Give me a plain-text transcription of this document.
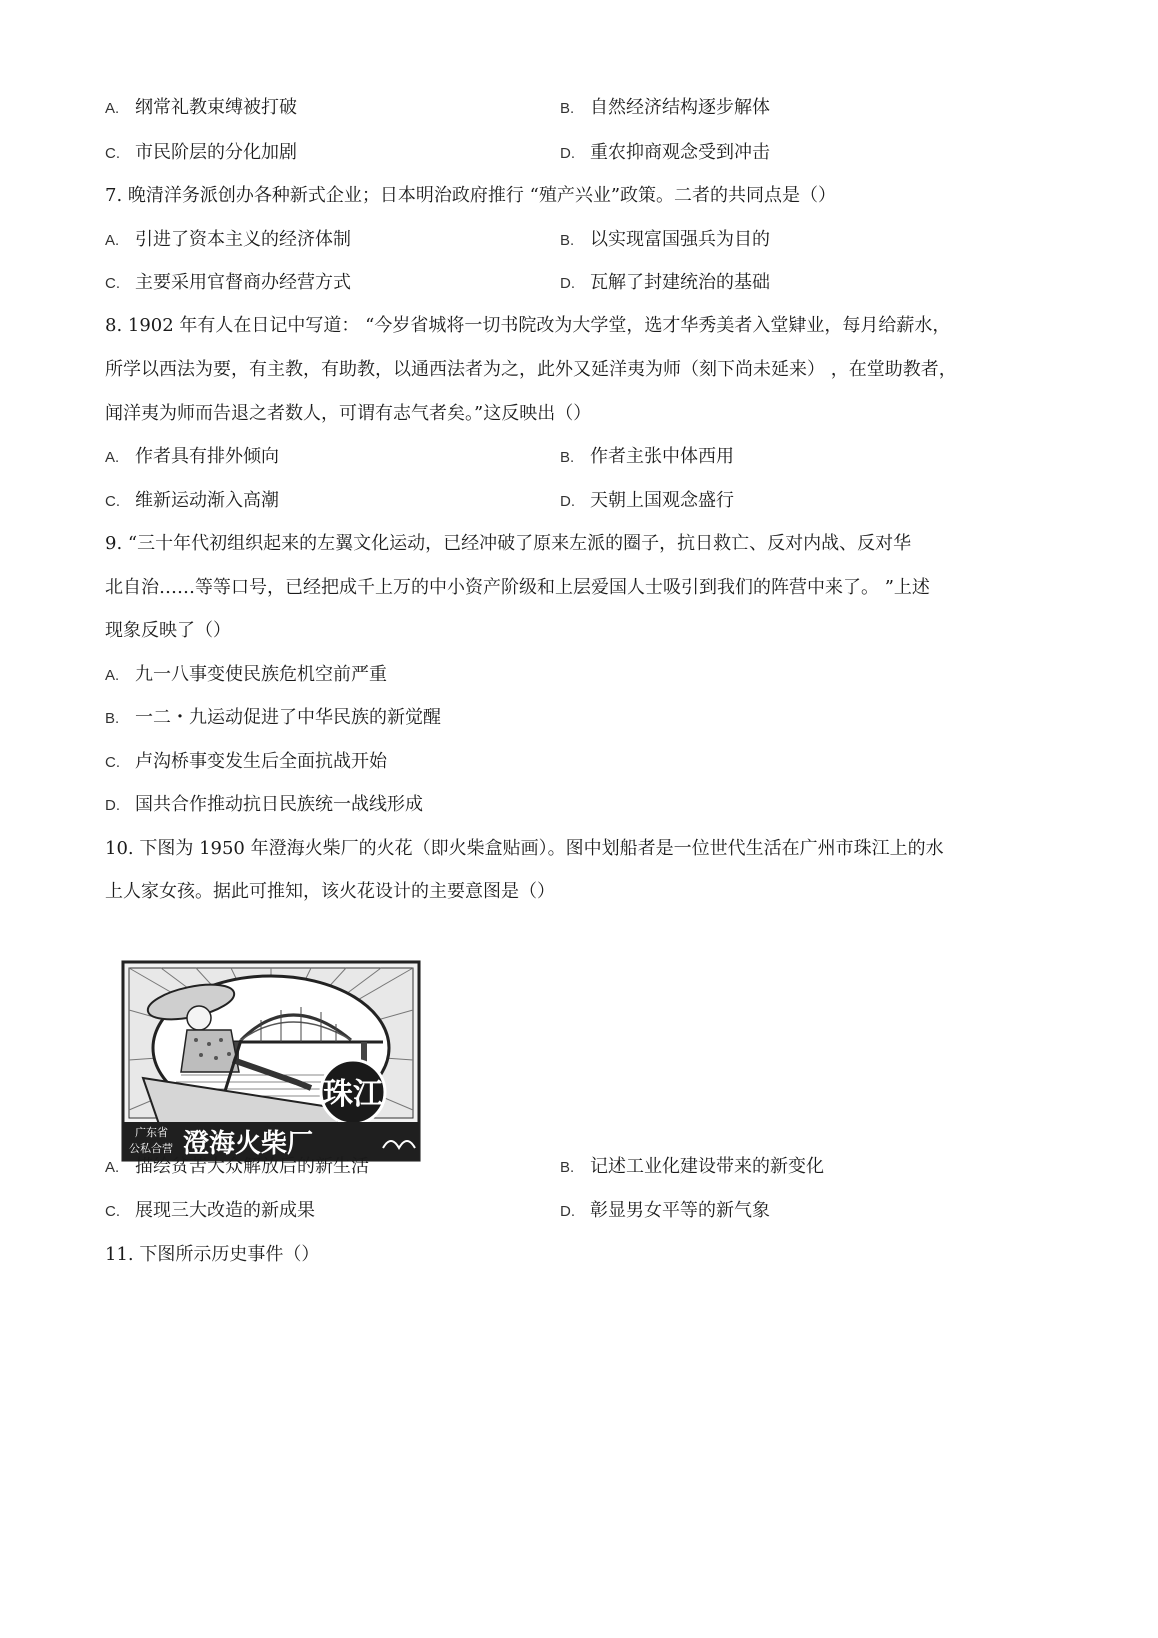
A. 纲常礼教束缚被打破	B. 自然经济结构逐步解体
C. 市民阶层的分化加剧	D. 重农抑商观念受到冲击
7. 晚清洋务派创办各种新式企业；日本明治政府推行 “殖产兴业”政策。二者的共同点是（）
A. 引进了资本主义的经济体制	B. 以实现富国强兵为目的
C. 主要采用官督商办经营方式	D. 瓦解了封建统治的基础
8. 1902 年有人在日记中写道： “今岁省城将一切书院改为大学堂，选才华秀美者入堂肄业，每月给薪水，
所学以西法为要，有主教，有助教，以通西法者为之，此外又延洋夷为师（刻下尚未延来） ，在堂助教者，
闻洋夷为师而告退之者数人，可谓有志气者矣。”这反映出（）
A. 作者具有排外倾向	B. 作者主张中体西用
C. 维新运动渐入高潮	D. 天朝上国观念盛行
9. “三十年代初组织起来的左翼文化运动，已经冲破了原来左派的圈子，抗日救亡、反对内战、反对华
北自治……等等口号，已经把成千上万的中小资产阶级和上层爱国人士吸引到我们的阵营中来了。 ”上述
现象反映了（）
A. 九一八事变使民族危机空前严重
B. 一二・九运动促进了中华民族的新觉醒
C. 卢沟桥事变发生后全面抗战开始
D. 国共合作推动抗日民族统一战线形成
10. 下图为 1950 年澄海火柴厂的火花（即火柴盒贴画）。图中划船者是一位世代生活在广州市珠江上的水
上人家女孩。据此可推知，该火花设计的主要意图是（）
珠江
广东省
公私合营 澄海火柴厂
A. 描绘贫苦大众解放后的新生活	B. 记述工业化建设带来的新变化
C. 展现三大改造的新成果	D. 彰显男女平等的新气象
11. 下图所示历史事件（）
